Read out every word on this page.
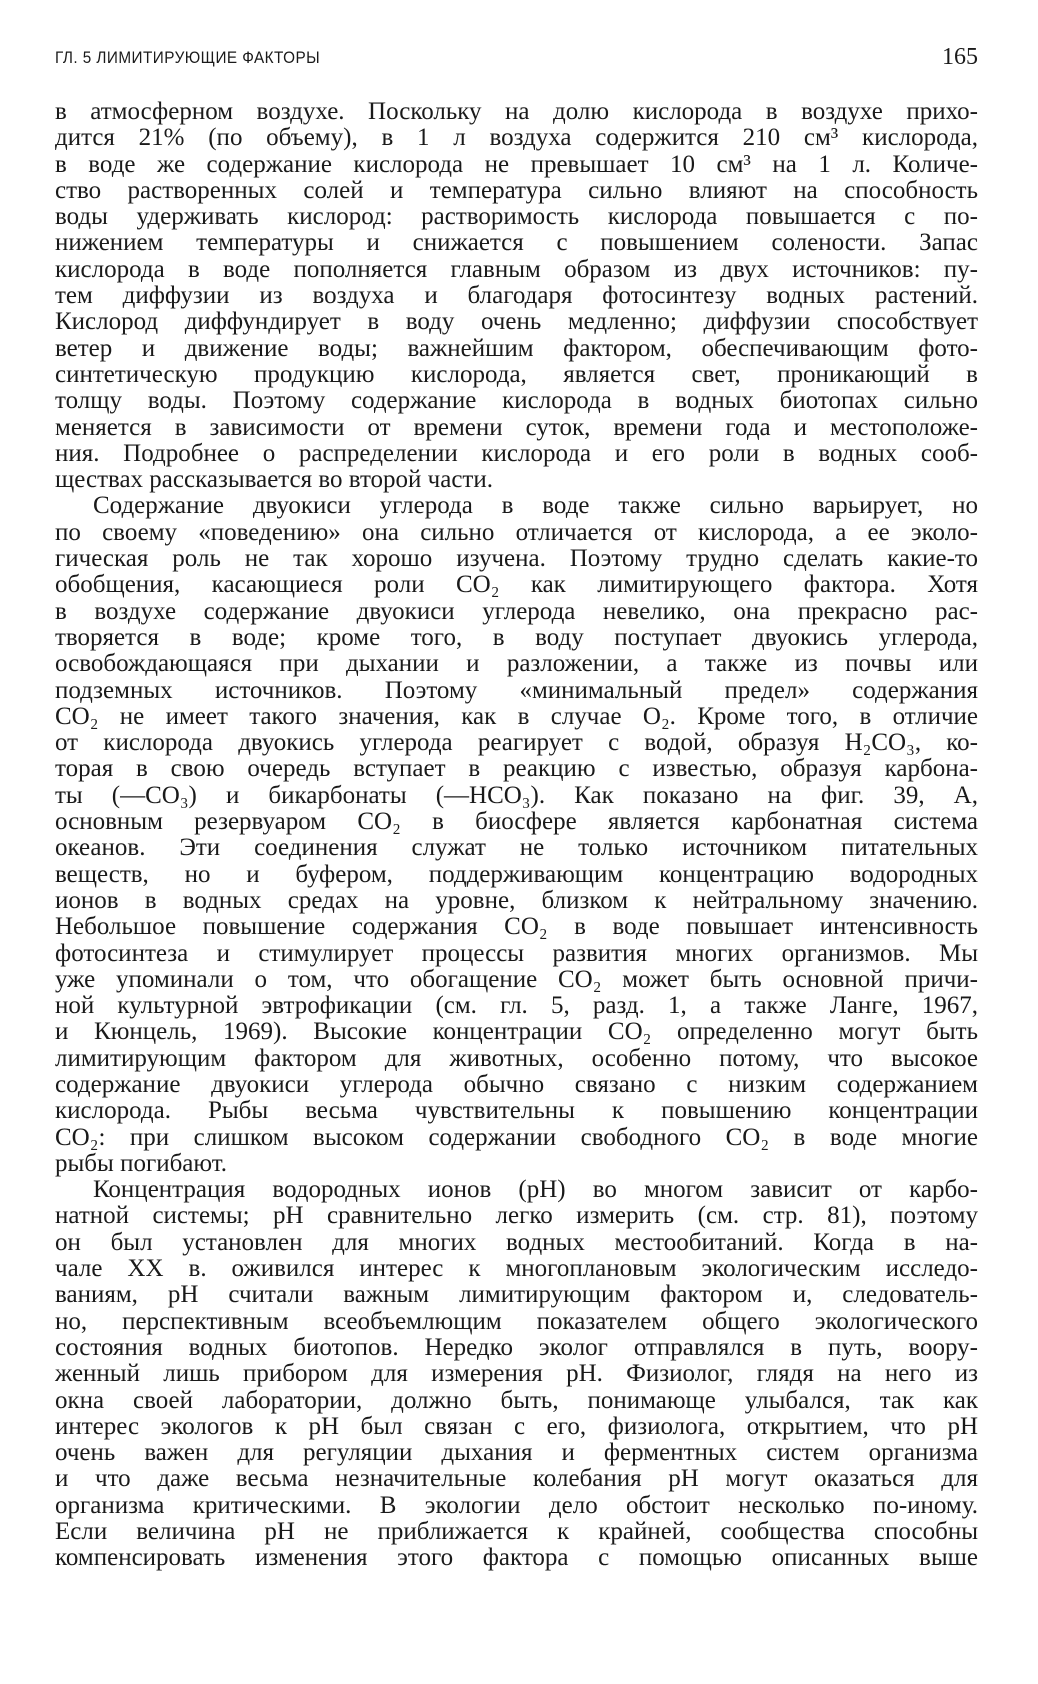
ГЛ. 5 ЛИМИТИРУЮЩИЕ ФАКТОРЫ	165
в атмосферном воздухе. Поскольку на долю кислорода в воздухе прихо-
дится 21% (по объему), в 1 л воздуха содержится 210 см³ кислорода,
в воде же содержание кислорода не превышает 10 см³ на 1 л. Количе-
ство растворенных солей и температура сильно влияют на способность
воды удерживать кислород: растворимость кислорода повышается с по-
нижением температуры и снижается с повышением солености. Запас
кислорода в воде пополняется главным образом из двух источников: пу-
тем диффузии из воздуха и благодаря фотосинтезу водных растений.
Кислород диффундирует в воду очень медленно; диффузии способствует
ветер и движение воды; важнейшим фактором, обеспечивающим фото-
синтетическую продукцию кислорода, является свет, проникающий в
толщу воды. Поэтому содержание кислорода в водных биотопах сильно
меняется в зависимости от времени суток, времени года и местоположе-
ния. Подробнее о распределении кислорода и его роли в водных сооб-
ществах рассказывается во второй части.
Содержание двуокиси углерода в воде также сильно варьирует, но
по своему «поведению» она сильно отличается от кислорода, а ее эколо-
гическая роль не так хорошо изучена. Поэтому трудно сделать какие-то
обобщения, касающиеся роли CO₂ как лимитирующего фактора. Хотя
в воздухе содержание двуокиси углерода невелико, она прекрасно рас-
творяется в воде; кроме того, в воду поступает двуокись углерода,
освобождающаяся при дыхании и разложении, а также из почвы или
подземных источников. Поэтому «минимальный предел» содержания
CO₂ не имеет такого значения, как в случае O₂. Кроме того, в отличие
от кислорода двуокись углерода реагирует с водой, образуя H₂CO₃, ко-
торая в свою очередь вступает в реакцию с известью, образуя карбона-
ты (—CO₃) и бикарбонаты (—HCO₃). Как показано на фиг. 39, А,
основным резервуаром CO₂ в биосфере является карбонатная система
океанов. Эти соединения служат не только источником питательных
веществ, но и буфером, поддерживающим концентрацию водородных
ионов в водных средах на уровне, близком к нейтральному значению.
Небольшое повышение содержания CO₂ в воде повышает интенсивность
фотосинтеза и стимулирует процессы развития многих организмов. Мы
уже упоминали о том, что обогащение CO₂ может быть основной причи-
ной культурной эвтрофикации (см. гл. 5, разд. 1, а также Ланге, 1967,
и Кюнцель, 1969). Высокие концентрации CO₂ определенно могут быть
лимитирующим фактором для животных, особенно потому, что высокое
содержание двуокиси углерода обычно связано с низким содержанием
кислорода. Рыбы весьма чувствительны к повышению концентрации
CO₂: при слишком высоком содержании свободного CO₂ в воде многие
рыбы погибают.
Концентрация водородных ионов (pH) во многом зависит от карбо-
натной системы; pH сравнительно легко измерить (см. стр. 81), поэтому
он был установлен для многих водных местообитаний. Когда в на-
чале XX в. оживился интерес к многоплановым экологическим исследо-
ваниям, pH считали важным лимитирующим фактором и, следователь-
но, перспективным всеобъемлющим показателем общего экологического
состояния водных биотопов. Нередко эколог отправлялся в путь, воору-
женный лишь прибором для измерения pH. Физиолог, глядя на него из
окна своей лаборатории, должно быть, понимающе улыбался, так как
интерес экологов к pH был связан с его, физиолога, открытием, что pH
очень важен для регуляции дыхания и ферментных систем организма
и что даже весьма незначительные колебания pH могут оказаться для
организма критическими. В экологии дело обстоит несколько по-иному.
Если величина pH не приближается к крайней, сообщества способны
компенсировать изменения этого фактора с помощью описанных выше
